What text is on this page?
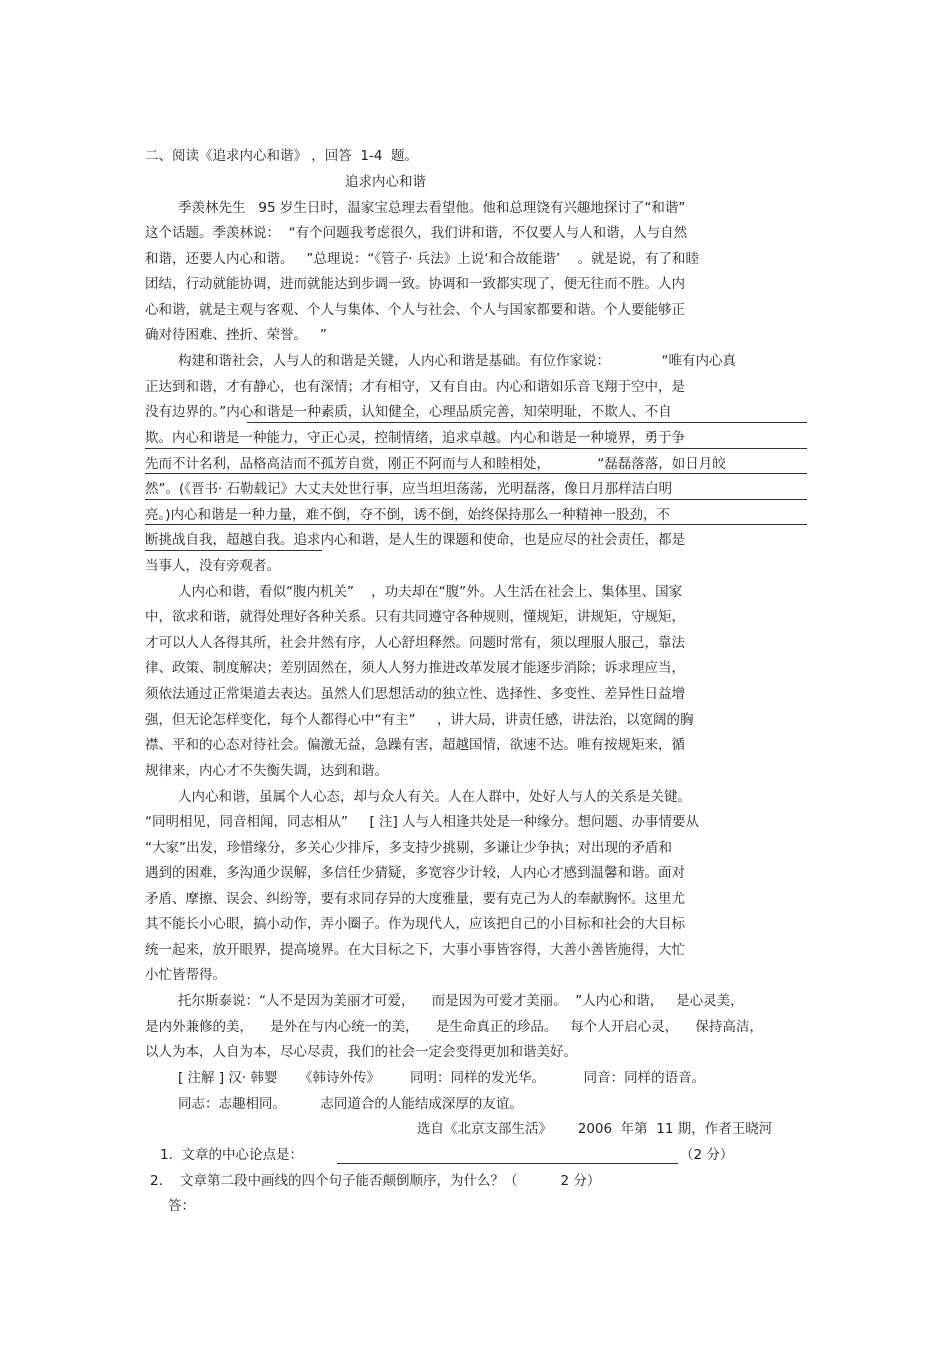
二、阅读《追求内心和谐》 ，回答  1-4  题。
追求内心和谐
季羡林先生   95 岁生日时，温家宝总理去看望他。他和总理饶有兴趣地探讨了“和谐”
这个话题。季羡林说：  “有个问题我考虑很久，我们讲和谐，不仅要人与人和谐，人与自然
和谐，还要人内心和谐。   ”总理说：“《管子· 兵法》上说‘和合故能谐’    。就是说，有了和睦
团结，行动就能协调，进而就能达到步调一致。协调和一致都实现了，便无往而不胜。人内
心和谐，就是主观与客观、个人与集体、个人与社会、个人与国家都要和谐。个人要能够正
确对待困难、挫折、荣誉。   ”
构建和谐社会，人与人的和谐是关键，人内心和谐是基础。有位作家说：            “唯有内心真
正达到和谐，才有静心，也有深情；才有相守，又有自由。内心和谐如乐音飞翔于空中，是
没有边界的。”内心和谐是一种素质，认知健全，心理品质完善，知荣明耻，不欺人、不自
欺。内心和谐是一种能力，守正心灵，控制情绪，追求卓越。内心和谐是一种境界，勇于争
先而不计名利，品格高洁而不孤芳自赏，刚正不阿而与人和睦相处，           “磊磊落落，如日月皎
然”。(《晋书· 石勒载记》大丈夫处世行事，应当坦坦荡荡，光明磊落，像日月那样洁白明
亮。)内心和谐是一种力量，难不倒，夺不倒，诱不倒，始终保持那么一种精神一股劲，不
断挑战自我，超越自我。追求内心和谐，是人生的课题和使命，也是应尽的社会责任，都是
当事人，没有旁观者。
人内心和谐，看似“腹内机关”    ，功夫却在“腹”外。人生活在社会上、集体里、国家
中，欲求和谐，就得处理好各种关系。只有共同遵守各种规则，懂规矩，讲规矩，守规矩，
才可以人人各得其所，社会井然有序，人心舒坦释然。问题时常有，须以理服人服己，靠法
律、政策、制度解决；差别固然在，须人人努力推进改革发展才能逐步消除；诉求理应当，
须依法通过正常渠道去表达。虽然人们思想活动的独立性、选择性、多变性、差异性日益增
强，但无论怎样变化，每个人都得心中“有主”     ，讲大局，讲责任感，讲法治，以宽阔的胸
襟、平和的心态对待社会。偏激无益，急躁有害，超越国情，欲速不达。唯有按规矩来，循
规律来，内心才不失衡失调，达到和谐。
人内心和谐，虽属个人心态，却与众人有关。人在人群中，处好人与人的关系是关键。
“同明相见，同音相闻，同志相从”     [ 注] 人与人相逢共处是一种缘分。想问题、办事情要从
“大家”出发，珍惜缘分，多关心少排斥，多支持少挑剔，多谦让少争执；对出现的矛盾和
遇到的困难，多沟通少误解，多信任少猜疑，多宽容少计较，人内心才感到温馨和谐。面对
矛盾、摩擦、误会、纠纷等，要有求同存异的大度雅量，要有克己为人的奉献胸怀。这里尤
其不能长小心眼，搞小动作，弄小圈子。作为现代人，应该把自己的小目标和社会的大目标
统一起来，放开眼界，提高境界。在大目标之下，大事小事皆容得，大善小善皆施得，大忙
小忙皆帮得。
托尔斯泰说：“人不是因为美丽才可爱，    而是因为可爱才美丽。  ”人内心和谐，   是心灵美，
是内外兼修的美，    是外在与内心统一的美，    是生命真正的珍品。   每个人开启心灵，    保持高洁，
以人为本，人自为本，尽心尽责，我们的社会一定会变得更加和谐美好。
[ 注解 ] 汉· 韩婴     《韩诗外传》       同明：同样的发光华。         同音：同样的语音。
同志：志趣相同。        志同道合的人能结成深厚的友谊。
选自《北京支部生活》      2006  年第  11 期，作者王晓河
1.  文章的中心论点是：	（2 分）
2.    文章第二段中画线的四个句子能否颠倒顺序，为什么？（          2 分）
答：
